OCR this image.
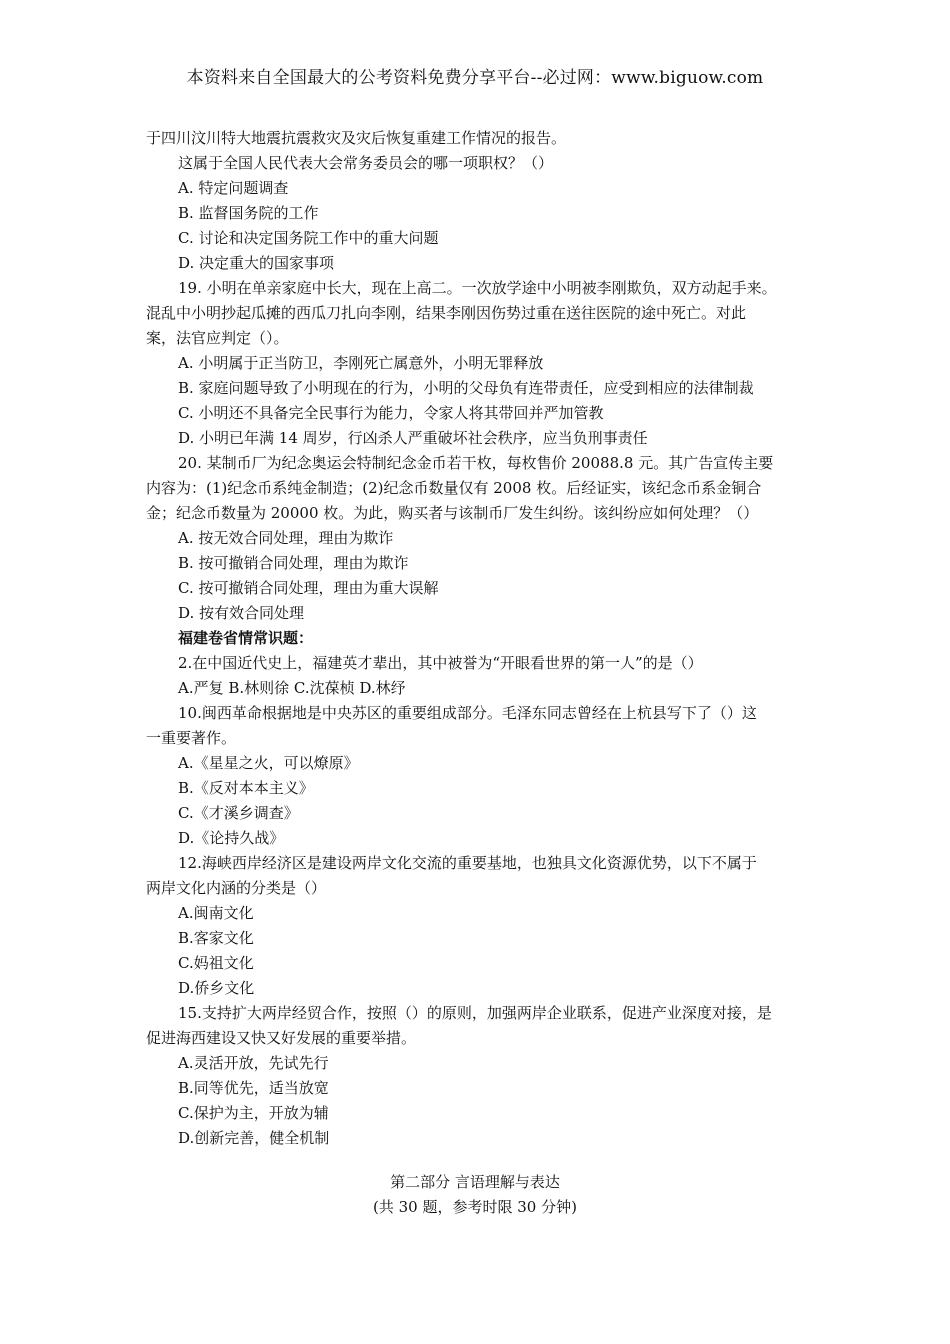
本资料来自全国最大的公考资料免费分享平台--必过网：www.biguow.com
于四川汶川特大地震抗震救灾及灾后恢复重建工作情况的报告。
这属于全国人民代表大会常务委员会的哪一项职权？（）
A. 特定问题调查
B. 监督国务院的工作
C. 讨论和决定国务院工作中的重大问题
D. 决定重大的国家事项
19. 小明在单亲家庭中长大，现在上高二。一次放学途中小明被李刚欺负，双方动起手来。
混乱中小明抄起瓜摊的西瓜刀扎向李刚，结果李刚因伤势过重在送往医院的途中死亡。对此
案，法官应判定（）。
A. 小明属于正当防卫，李刚死亡属意外，小明无罪释放
B. 家庭问题导致了小明现在的行为，小明的父母负有连带责任，应受到相应的法律制裁
C. 小明还不具备完全民事行为能力，令家人将其带回并严加管教
D. 小明已年满 14 周岁，行凶杀人严重破坏社会秩序，应当负刑事责任
20. 某制币厂为纪念奥运会特制纪念金币若干枚，每枚售价 20088.8 元。其广告宣传主要
内容为：(1)纪念币系纯金制造；(2)纪念币数量仅有 2008 枚。后经证实，该纪念币系金铜合
金；纪念币数量为 20000 枚。为此，购买者与该制币厂发生纠纷。该纠纷应如何处理？（）
A. 按无效合同处理，理由为欺诈
B. 按可撤销合同处理，理由为欺诈
C. 按可撤销合同处理，理由为重大误解
D. 按有效合同处理
福建卷省情常识题：
2.在中国近代史上，福建英才辈出，其中被誉为“开眼看世界的第一人”的是（）
A.严复 B.林则徐 C.沈葆桢 D.林纾
10.闽西革命根据地是中央苏区的重要组成部分。毛泽东同志曾经在上杭县写下了（）这
一重要著作。
A.《星星之火，可以燎原》
B.《反对本本主义》
C.《才溪乡调查》
D.《论持久战》
12.海峡西岸经济区是建设两岸文化交流的重要基地，也独具文化资源优势，以下不属于
两岸文化内涵的分类是（）
A.闽南文化
B.客家文化
C.妈祖文化
D.侨乡文化
15.支持扩大两岸经贸合作，按照（）的原则，加强两岸企业联系，促进产业深度对接，是
促进海西建设又快又好发展的重要举措。
A.灵活开放，先试先行
B.同等优先，适当放宽
C.保护为主，开放为辅
D.创新完善，健全机制
第二部分 言语理解与表达
(共 30 题，参考时限 30 分钟)
